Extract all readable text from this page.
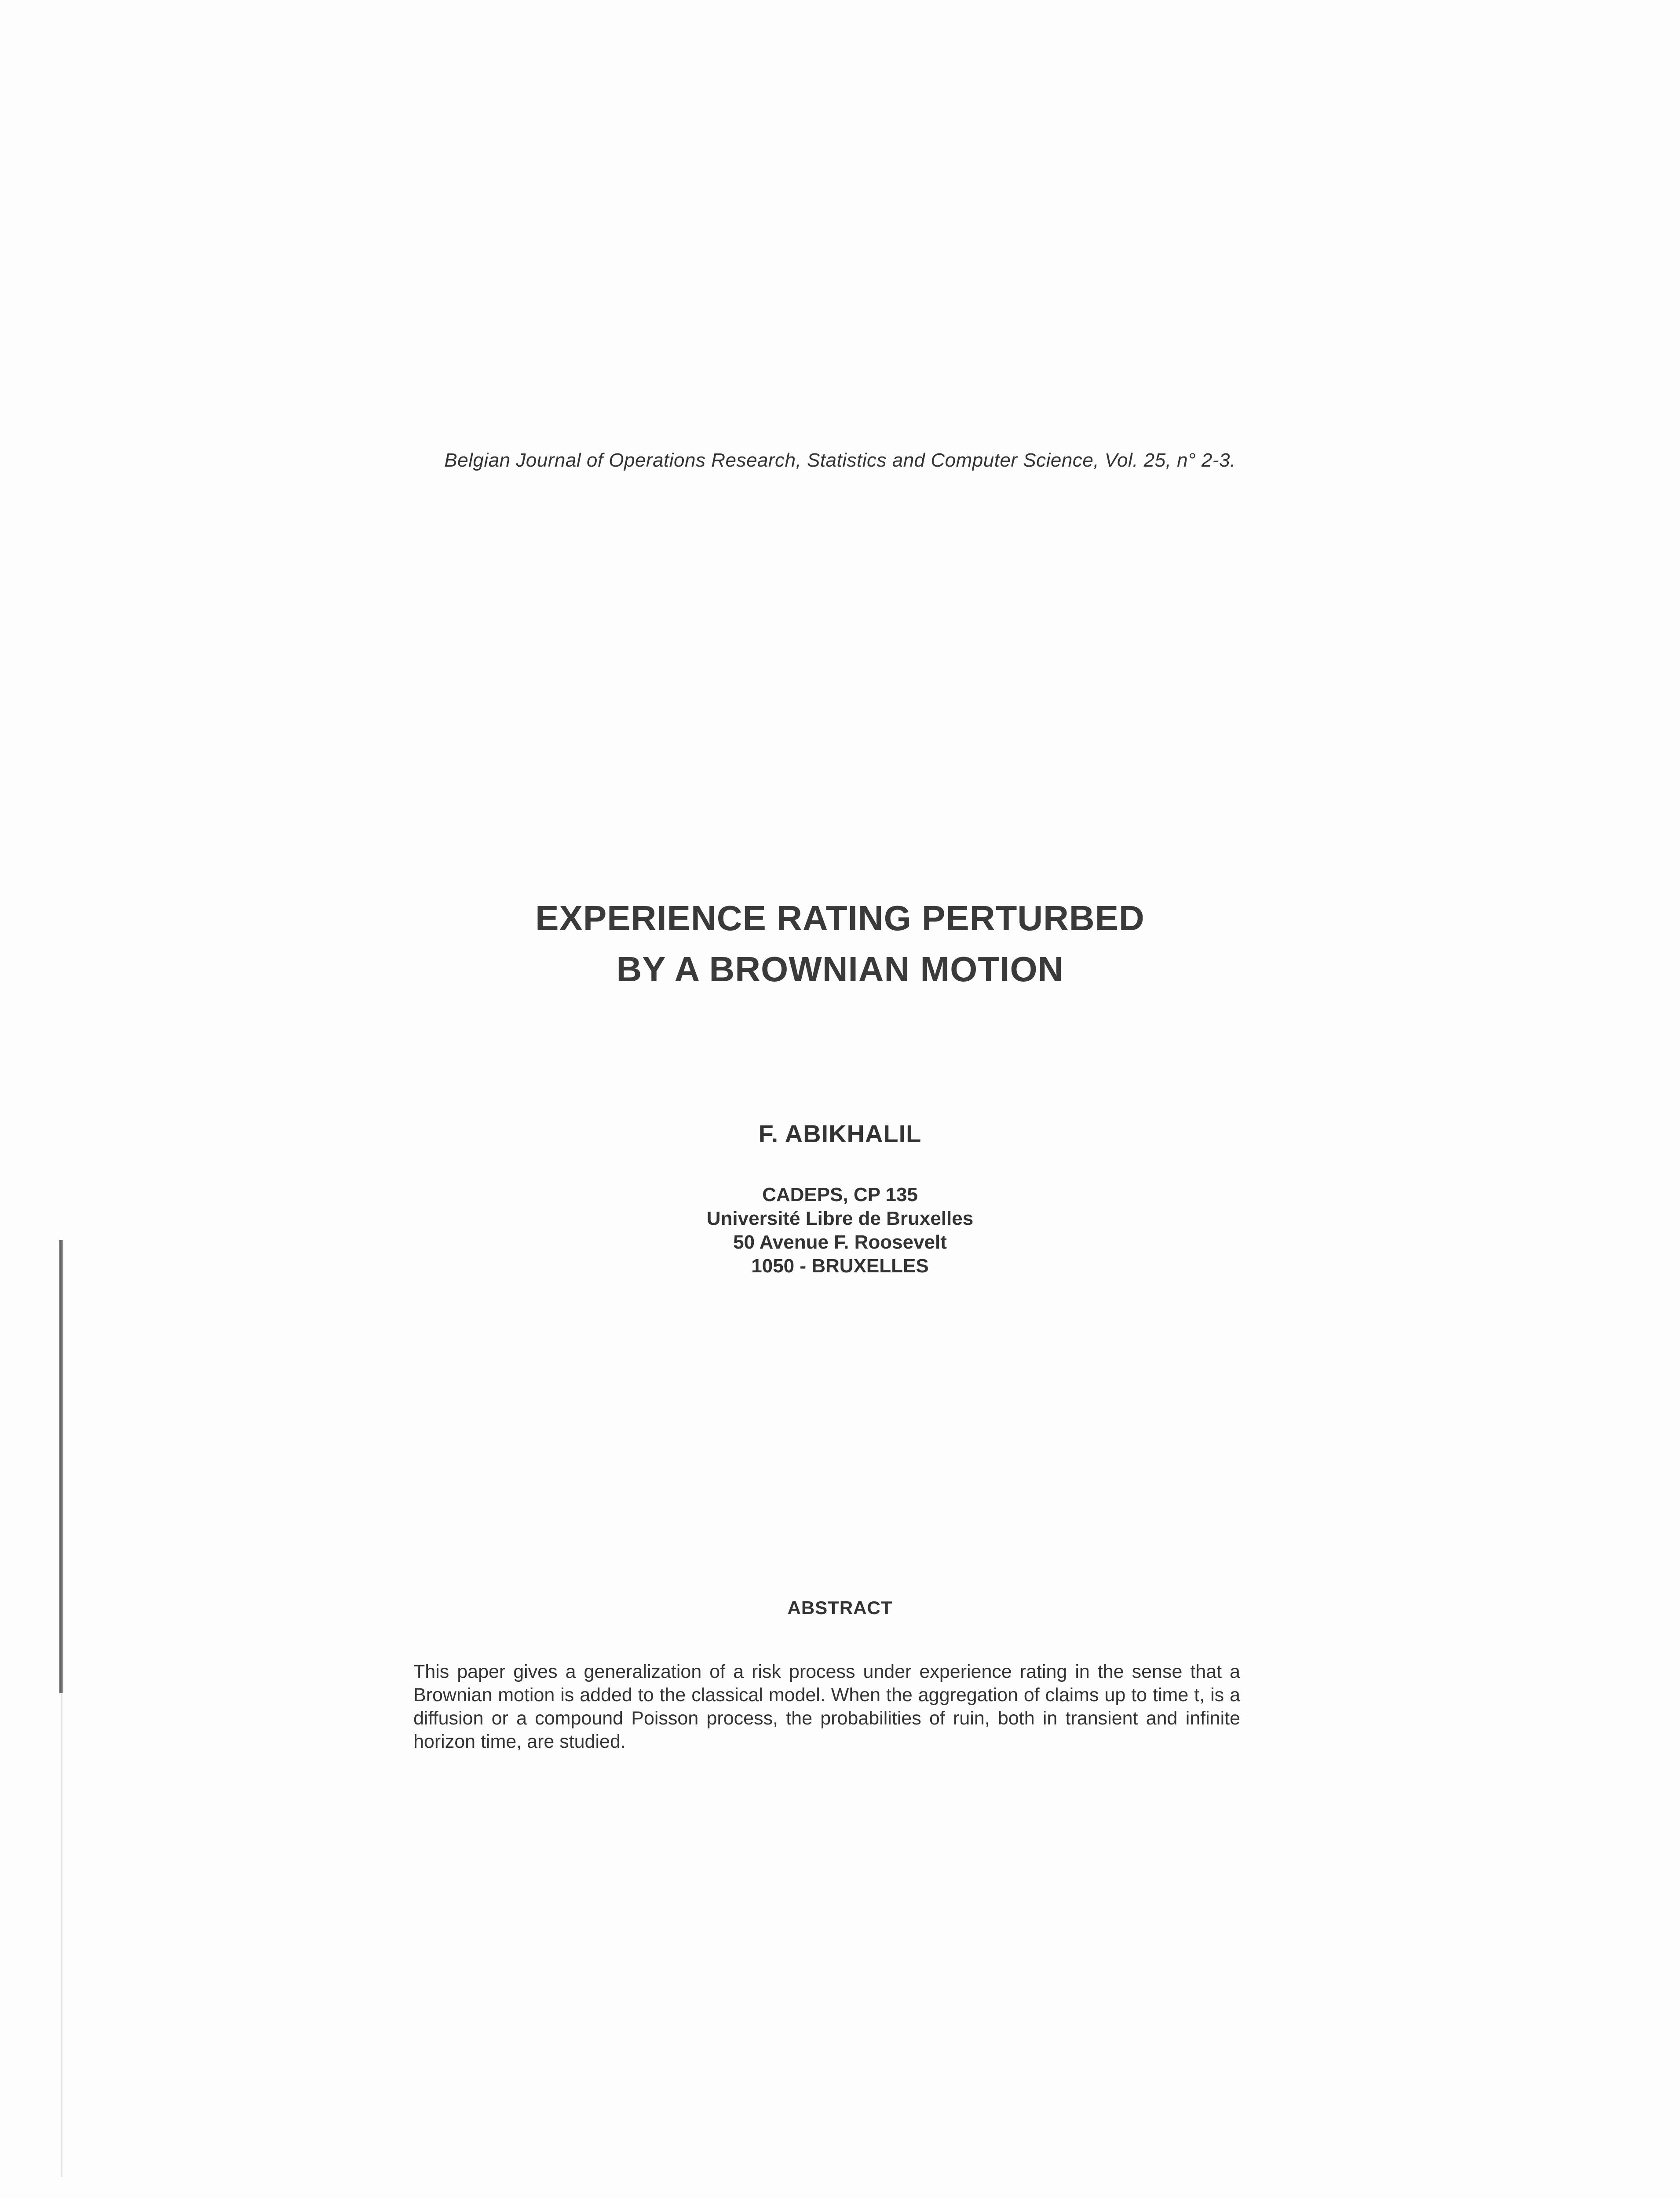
Belgian Journal of Operations Research, Statistics and Computer Science, Vol. 25, n° 2-3.
EXPERIENCE RATING PERTURBED
BY A BROWNIAN MOTION
F. ABIKHALIL
CADEPS, CP 135
Université Libre de Bruxelles
50 Avenue F. Roosevelt
1050 - BRUXELLES
ABSTRACT
This paper gives a generalization of a risk process under experience rating in the sense that a Brownian motion is added to the classical model. When the aggregation of claims up to time t, is a diffusion or a compound Poisson process, the probabilities of ruin, both in transient and infinite horizon time, are studied.
